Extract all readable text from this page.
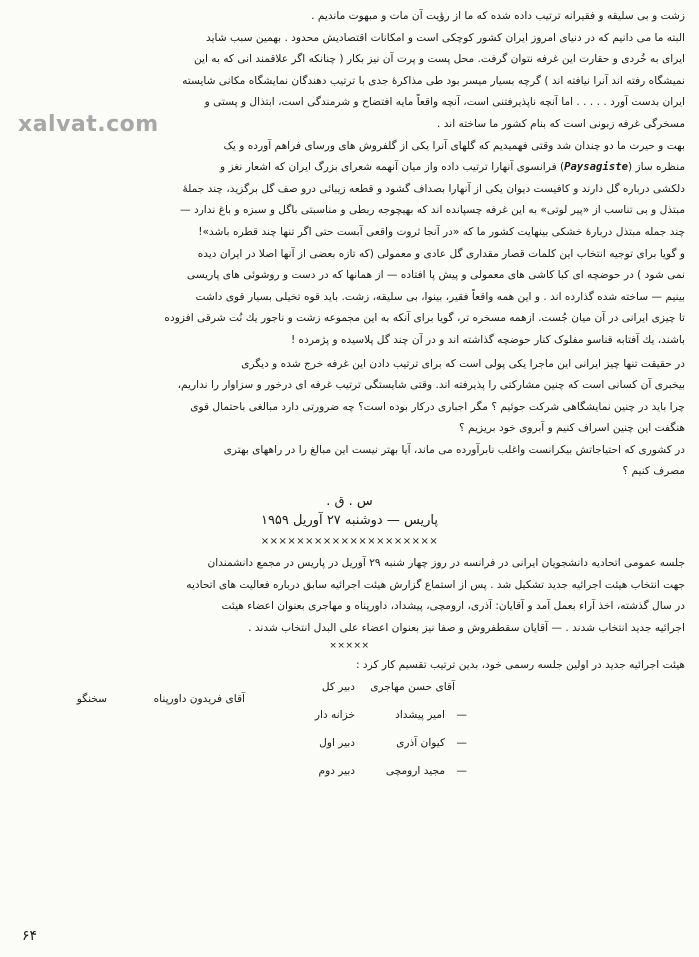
xalvat.com
زشت و بی سلیقه و فقیرانه ترتیب داده شده که ما از رؤیت آن مات و مبهوت ماندیم .
البته ما می دانیم که در دنیای امروز ایران کشور کوچکی است و امکانات اقتصادیش محدود . بهمین سبب شاید
ایرای به خُردی و حقارت این غرفه نتوان گرفت. محل پست و پرت آن نیز بکار ( چنانکه اگر علاقمند انی که به این
نمیشگاه رفته اند آنرا نیافته اند ) گرچه بسیار میسر بود طی مذاکرۀ جدی با ترتیب دهندگان نمایشگاه مکانی شایسته
ایران بدست آورد . . . . . اما آنچه ناپذیرفتنی است، آنچه واقعاً مایه افتضاح و شرمندگی است، ابتذال و پستی و
مسخرگی غرفه زبونی است که بنام کشور ما ساخته اند .
بهت و حیرت ما دو چندان شد وقتی فهمیدیم که گلهای آنرا یکی از گلفروش های ورسای فراهم آورده و یک
منظره ساز (Paysagiste) فرانسوی آنهارا ترتیب داده واز میان آنهمه شعرای بزرگ ایران که اشعار نغز و
دلکشی درباره گل دارند و کافیست دیوان یکی از آنهارا بصداف گشود و قطعه زیبائی درو صف گل برگزید، چند جملهٔ
مبتذل و بی تناسب از «پیر لوتی» به این غرفه چسپانده اند که بهیچوجه ربطی و مناسبتی باگل و سبزه و باغ ندارد —
چند جمله مبتذل دربارۀ خشکی بینهایت کشور ما که «در آنجا ثروت واقعی آبست حتی اگر تنها چند قطره باشد»!
و گویا برای توجیه انتخاب این کلمات قصار مقداری گل عادی و معمولی (که تازه بعضی از آنها اصلا در ایران دیده
نمی شود ) در حوضچه ای کبا کاشی های معمولی و پیش پا افتاده — از همانها که در دست و روشوئی های پاریسی
بینیم — ساخته شده گذارده اند . و این همه واقعاً فقیر، بینوا، بی سلیقه، زشت. باید قوه تخیلی بسیار قوی داشت
تا چیزی ایرانی در آن میان جُست. ازهمه مسخره تر، گویا برای آنکه به این مجموعه زشت و ناجور یك نُت شرقی افزوده
باشند، یك آفتابه قناسو مفلوک کنار حوضچه گذاشته اند و در آن چند گل پلاسیده و پژمرده !
در حقیقت تنها چیز ایرانی این ماجرا یکی پولی است که برای ترتیب دادن این غرفه خرج شده و دیگری
بیخبری آن کسانی است که چنین مشارکتی را پذیرفته اند. وقتی شایستگی ترتیب غرفه ای درخور و سزاوار را نداریم،
چرا باید در چنین نمایشگاهی شرکت جوئیم ؟ مگر اجباری درکار بوده است؟ چه ضرورتی دارد مبالغی باحتمال قوی
هنگفت این چنین اسراف کنیم و آبروی خود بریزیم ؟
در کشوری که احتیاجاتش بیکرانست واغلب نابرآورده می ماند، آیا بهتر نیست این مبالغ را در راههای بهتری
مصرف کنیم ؟
س . ق .
پاریس — دوشنبه ۲۷ آوریل ۱۹۵۹
××××××××××××××××××××
جلسه عمومی اتحادیه دانشجویان ایرانی در فرانسه در روز چهار شنبه ۲۹ آوریل در پاریس در مجمع دانشمندان
جهت انتخاب هیئت اجرائیه جدید تشکیل شد . پس از استماع گزارش هیئت اجرائیه سابق درباره فعالیت های اتحادیه
در سال گذشته، اخذ آراء بعمل آمد و آقایان: آذری، ارومچی، پیشداد، داورپناه و مهاجری بعنوان اعضاء هیئت
اجرائیه جدید انتخاب شدند . — آقایان سقطفروش و صفا نیز بعنوان اعضاء علی البدل انتخاب شدند .
×××××
هیئت اجرائیه جدید در اولین جلسه رسمی خود، بدین ترتیب تقسیم کار کرد :
آقای حسن مهاجری
دبیر کل
—
امیر پیشداد
خزانه دار
—
کیوان آذری
دبیر اول
—
مجید ارومچی
دبیر دوم
آقای فریدون داورپناه
سخنگو
۶۴
